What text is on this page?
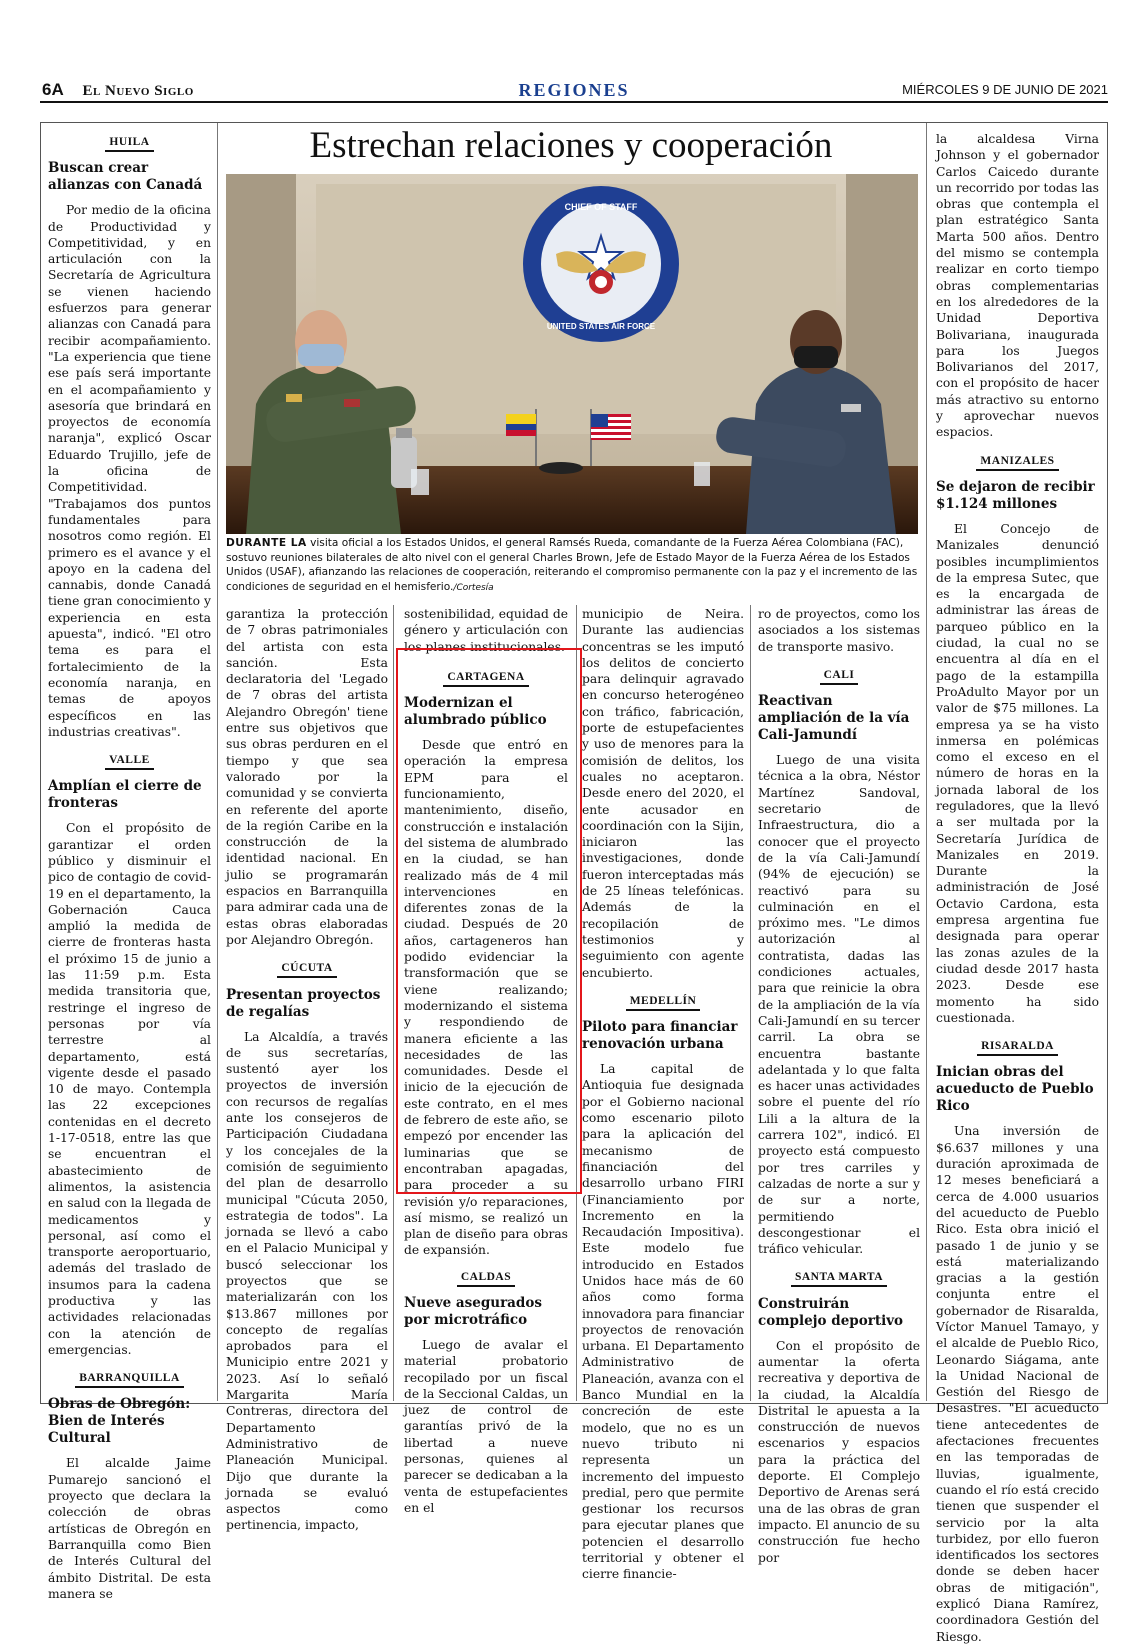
6A El Nuevo Siglo	REGIONES	MIÉRCOLES 9 DE JUNIO DE 2021
Estrechan relaciones y cooperación
CHIEF OF STAFF
UNITED STATES AIR FORCE
DURANTE LA visita oficial a los Estados Unidos, el general Ramsés Rueda, comandante de la Fuerza Aérea Colombiana (FAC), sostuvo reuniones bilaterales de alto nivel con el general Charles Brown, Jefe de Estado Mayor de la Fuerza Aérea de los Estados Unidos (USAF), afianzando las relaciones de cooperación, reiterando el compromiso permanente con la paz y el incremento de las condiciones de seguridad en el hemisferio./Cortesía
HUILA
Buscan crear alianzas con Canadá

Por medio de la oficina de Productividad y Competitividad, y en articulación con la Secretaría de Agricultura se vienen haciendo esfuerzos para generar alianzas con Canadá para recibir acompañamiento. "La experiencia que tiene ese país será importante en el acompañamiento y asesoría que brindará en proyectos de economía naranja", explicó Oscar Eduardo Trujillo, jefe de la oficina de Competitividad. "Trabajamos dos puntos fundamentales para nosotros como región. El primero es el avance y el apoyo en la cadena del cannabis, donde Canadá tiene gran conocimiento y experiencia en esta apuesta", indicó. "El otro tema es para el fortalecimiento de la economía naranja, en temas de apoyos específicos en las industrias creativas".

VALLE
Amplían el cierre de fronteras

Con el propósito de garantizar el orden público y disminuir el pico de contagio de covid-19 en el departamento, la Gobernación Cauca amplió la medida de cierre de fronteras hasta el próximo 15 de junio a las 11:59 p.m. Esta medida transitoria que, restringe el ingreso de personas por vía terrestre al departamento, está vigente desde el pasado 10 de mayo. Contempla las 22 excepciones contenidas en el decreto 1-17-0518, entre las que se encuentran el abastecimiento de alimentos, la asistencia en salud con la llegada de medicamentos y personal, así como el transporte aeroportuario, además del traslado de insumos para la cadena productiva y las actividades relacionadas con la atención de emergencias.

BARRANQUILLA
Obras de Obregón: Bien de Interés Cultural

El alcalde Jaime Pumarejo sancionó el proyecto que declara la colección de obras artísticas de Obregón en Barranquilla como Bien de Interés Cultural del ámbito Distrital. De esta manera se

garantiza la protección de 7 obras patrimoniales del artista con esta sanción. Esta declaratoria del 'Legado de 7 obras del artista Alejandro Obregón' tiene entre sus objetivos que sus obras perduren en el tiempo y que sea valorado por la comunidad y se convierta en referente del aporte de la región Caribe en la construcción de la identidad nacional. En julio se programarán espacios en Barranquilla para admirar cada una de estas obras elaboradas por Alejandro Obregón.

CÚCUTA
Presentan proyectos de regalías

La Alcaldía, a través de sus secretarías, sustentó ayer los proyectos de inversión con recursos de regalías ante los consejeros de Participación Ciudadana y los concejales de la comisión de seguimiento del plan de desarrollo municipal "Cúcuta 2050, estrategia de todos". La jornada se llevó a cabo en el Palacio Municipal y buscó seleccionar los proyectos que se materializarán con los $13.867 millones por concepto de regalías aprobados para el Municipio entre 2021 y 2023. Así lo señaló Margarita María Contreras, directora del Departamento Administrativo de Planeación Municipal. Dijo que durante la jornada se evaluó aspectos como pertinencia, impacto,

sostenibilidad, equidad de género y articulación con los planes institucionales.

CARTAGENA
Modernizan el alumbrado público

Desde que entró en operación la empresa EPM para el funcionamiento, mantenimiento, diseño, construcción e instalación del sistema de alumbrado en la ciudad, se han realizado más de 4 mil intervenciones en diferentes zonas de la ciudad. Después de 20 años, cartageneros han podido evidenciar la transformación que se viene realizando; modernizando el sistema y respondiendo de manera eficiente a las necesidades de las comunidades. Desde el inicio de la ejecución de este contrato, en el mes de febrero de este año, se empezó por encender las luminarias que se encontraban apagadas, para proceder a su revisión y/o reparaciones, así mismo, se realizó un plan de diseño para obras de expansión.

CALDAS
Nueve asegurados por microtráfico

Luego de avalar el material probatorio recopilado por un fiscal de la Seccional Caldas, un juez de control de garantías privó de la libertad a nueve personas, quienes al parecer se dedicaban a la venta de estupefacientes en el

municipio de Neira. Durante las audiencias concentras se les imputó los delitos de concierto para delinquir agravado en concurso heterogéneo con tráfico, fabricación, porte de estupefacientes y uso de menores para la comisión de delitos, los cuales no aceptaron. Desde enero del 2020, el ente acusador en coordinación con la Sijin, iniciaron las investigaciones, donde fueron interceptadas más de 25 líneas telefónicas. Además de la recopilación de testimonios y seguimiento con agente encubierto.

MEDELLÍN
Piloto para financiar renovación urbana

La capital de Antioquia fue designada por el Gobierno nacional como escenario piloto para la aplicación del mecanismo de financiación del desarrollo urbano FIRI (Financiamiento por Incremento en la Recaudación Impositiva). Este modelo fue introducido en Estados Unidos hace más de 60 años como forma innovadora para financiar proyectos de renovación urbana. El Departamento Administrativo de Planeación, avanza con el Banco Mundial en la concreción de este modelo, que no es un nuevo tributo ni representa un incremento del impuesto predial, pero que permite gestionar los recursos para ejecutar planes que potencien el desarrollo territorial y obtener el cierre financie-

ro de proyectos, como los asociados a los sistemas de transporte masivo.

CALI
Reactivan ampliación de la vía Cali-Jamundí

Luego de una visita técnica a la obra, Néstor Martínez Sandoval, secretario de Infraestructura, dio a conocer que el proyecto de la vía Cali-Jamundí (94% de ejecución) se reactivó para su culminación en el próximo mes. "Le dimos autorización al contratista, dadas las condiciones actuales, para que reinicie la obra de la ampliación de la vía Cali-Jamundí en su tercer carril. La obra se encuentra bastante adelantada y lo que falta es hacer unas actividades sobre el puente del río Lili a la altura de la carrera 102", indicó. El proyecto está compuesto por tres carriles y calzadas de norte a sur y de sur a norte, permitiendo descongestionar el tráfico vehicular.

SANTA MARTA
Construirán complejo deportivo

Con el propósito de aumentar la oferta recreativa y deportiva de la ciudad, la Alcaldía Distrital le apuesta a la construcción de nuevos escenarios y espacios para la práctica del deporte. El Complejo Deportivo de Arenas será una de las obras de gran impacto. El anuncio de su construcción fue hecho por

la alcaldesa Virna Johnson y el gobernador Carlos Caicedo durante un recorrido por todas las obras que contempla el plan estratégico Santa Marta 500 años. Dentro del mismo se contempla realizar en corto tiempo obras complementarias en los alrededores de la Unidad Deportiva Bolivariana, inaugurada para los Juegos Bolivarianos del 2017, con el propósito de hacer más atractivo su entorno y aprovechar nuevos espacios.

MANIZALES
Se dejaron de recibir $1.124 millones

El Concejo de Manizales denunció posibles incumplimientos de la empresa Sutec, que es la encargada de administrar las áreas de parqueo público en la ciudad, la cual no se encuentra al día en el pago de la estampilla ProAdulto Mayor por un valor de $75 millones. La empresa ya se ha visto inmersa en polémicas como el exceso en el número de horas en la jornada laboral de los reguladores, que la llevó a ser multada por la Secretaría Jurídica de Manizales en 2019. Durante la administración de José Octavio Cardona, esta empresa argentina fue designada para operar las zonas azules de la ciudad desde 2017 hasta 2023. Desde ese momento ha sido cuestionada.

RISARALDA
Inician obras del acueducto de Pueblo Rico

Una inversión de $6.637 millones y una duración aproximada de 12 meses beneficiará a cerca de 4.000 usuarios del acueducto de Pueblo Rico. Esta obra inició el pasado 1 de junio y se está materializando gracias a la gestión conjunta entre el gobernador de Risaralda, Víctor Manuel Tamayo, y el alcalde de Pueblo Rico, Leonardo Siágama, ante la Unidad Nacional de Gestión del Riesgo de Desastres. "El acueducto tiene antecedentes de afectaciones frecuentes en las temporadas de lluvias, igualmente, cuando el río está crecido tienen que suspender el servicio por la alta turbidez, por ello fueron identificados los sectores donde se deben hacer obras de mitigación", explicó Diana Ramírez, coordinadora Gestión del Riesgo.
